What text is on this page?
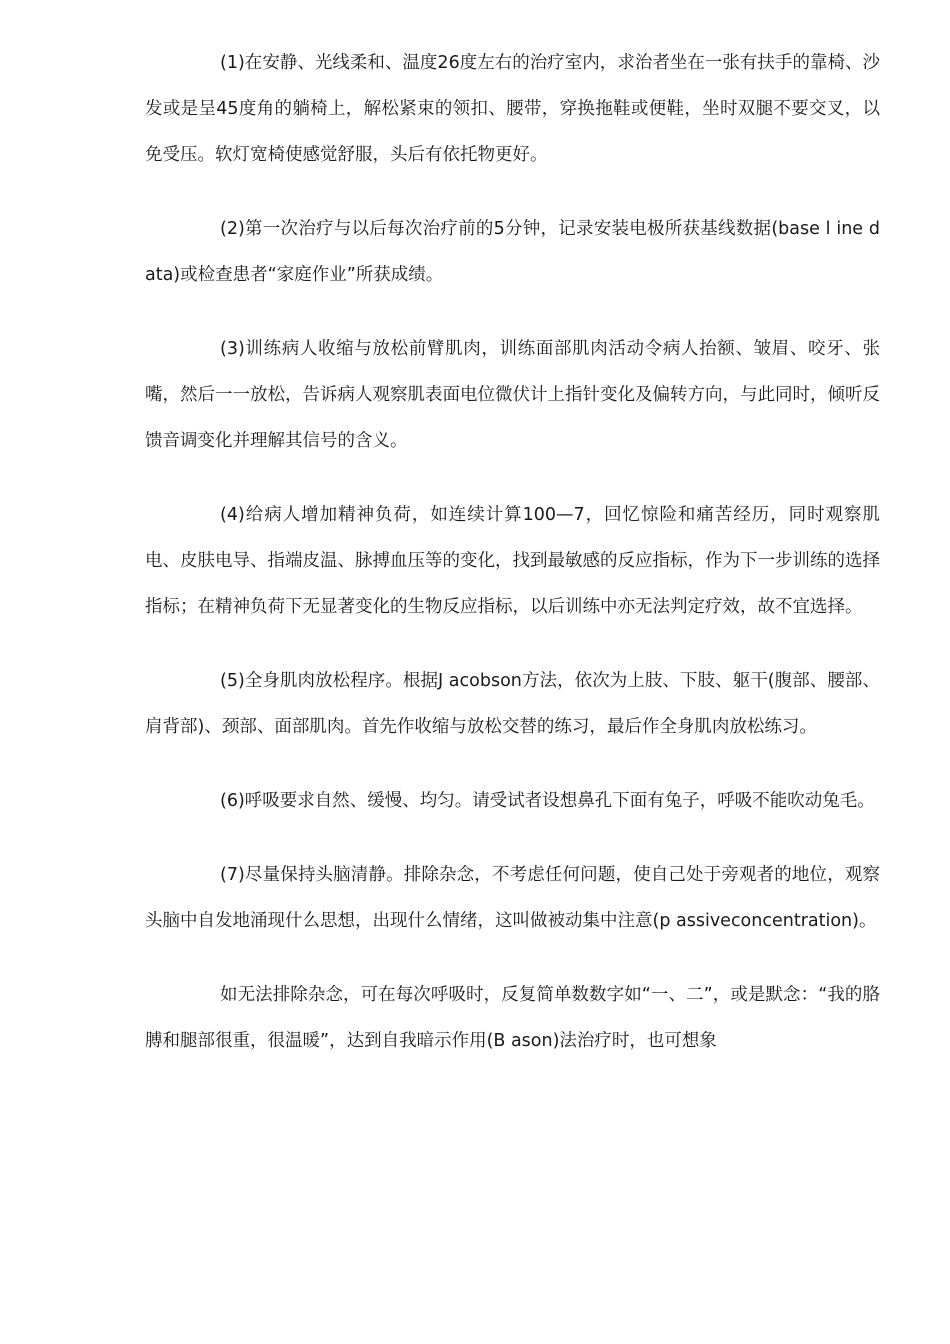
(1)在安静、光线柔和、温度26度左右的治疗室内，求治者坐在一张有扶手的靠椅、沙发或是呈45度角的躺椅上，解松紧束的领扣、腰带，穿换拖鞋或便鞋，坐时双腿不要交叉，以免受压。软灯宽椅使感觉舒服，头后有依托物更好。

(2)第一次治疗与以后每次治疗前的5分钟，记录安装电极所获基线数据(base l ine d ata)或检查患者“家庭作业”所获成绩。

(3)训练病人收缩与放松前臂肌肉，训练面部肌肉活动令病人抬额、皱眉、咬牙、张嘴，然后一一放松，告诉病人观察肌表面电位微伏计上指针变化及偏转方向，与此同时，倾听反馈音调变化并理解其信号的含义。

(4)给病人增加精神负荷，如连续计算100—7，回忆惊险和痛苦经历，同时观察肌电、皮肤电导、指端皮温、脉搏血压等的变化，找到最敏感的反应指标，作为下一步训练的选择指标；在精神负荷下无显著变化的生物反应指标，以后训练中亦无法判定疗效，故不宜选择。

(5)全身肌肉放松程序。根据J acobson方法，依次为上肢、下肢、躯干(腹部、腰部、肩背部)、颈部、面部肌肉。首先作收缩与放松交替的练习，最后作全身肌肉放松练习。

(6)呼吸要求自然、缓慢、均匀。请受试者设想鼻孔下面有兔子，呼吸不能吹动兔毛。

(7)尽量保持头脑清静。排除杂念，不考虑任何问题，使自己处于旁观者的地位，观察头脑中自发地涌现什么思想，出现什么情绪，这叫做被动集中注意(p assiveconcentration)。

如无法排除杂念，可在每次呼吸时，反复简单数数字如“一、二”，或是默念：“我的胳膊和腿部很重，很温暖”，达到自我暗示作用(B ason)法治疗时，也可想象
